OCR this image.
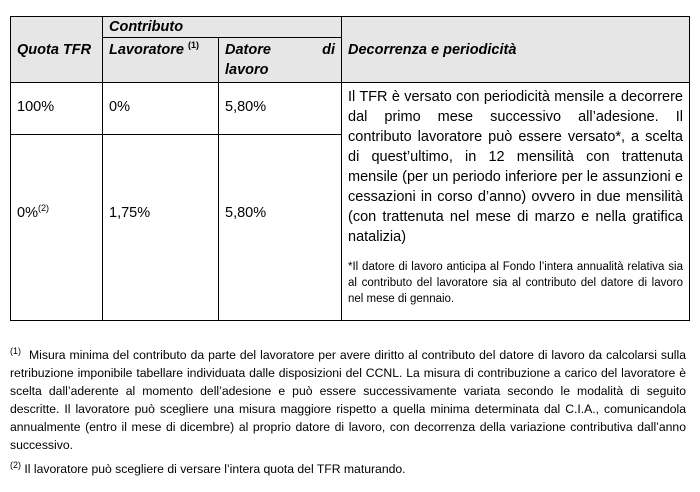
Quota TFR	Contributo		Decorrenza e periodicità
	Lavoratore $^{(1)}$	Datore di
lavoro	

100%	0%	5,80%	Il TFR è versato con periodicità mensile a decorrere dal primo mese successivo all’adesione. Il contributo lavoratore può essere versato*, a scelta di quest’ultimo, in 12 mensilità con trattenuta mensile (per un periodo inferiore per le assunzioni e cessazioni in corso d’anno) ovvero in due mensilità (con trattenuta nel mese di marzo e nella gratifica natalizia)
*Il datore di lavoro anticipa al Fondo l’intera annualità relativa sia al contributo del lavoratore sia al contributo del datore di lavoro nel mese di gennaio.

0%$^{(2)}$	1,75%	5,80%	

$^{(1)}$ Misura minima del contributo da parte del lavoratore per avere diritto al contributo del datore di lavoro da calcolarsi sulla retribuzione imponibile tabellare individuata dalle disposizioni del CCNL. La misura di contribuzione a carico del lavoratore è scelta dall’aderente al momento dell’adesione e può essere successivamente variata secondo le modalità di seguito descritte. Il lavoratore può scegliere una misura maggiore rispetto a quella minima determinata dal C.I.A., comunicandola annualmente (entro il mese di dicembre) al proprio datore di lavoro, con decorrenza della variazione contributiva dall’anno successivo.

$^{(2)}$ Il lavoratore può scegliere di versare l’intera quota del TFR maturando.
